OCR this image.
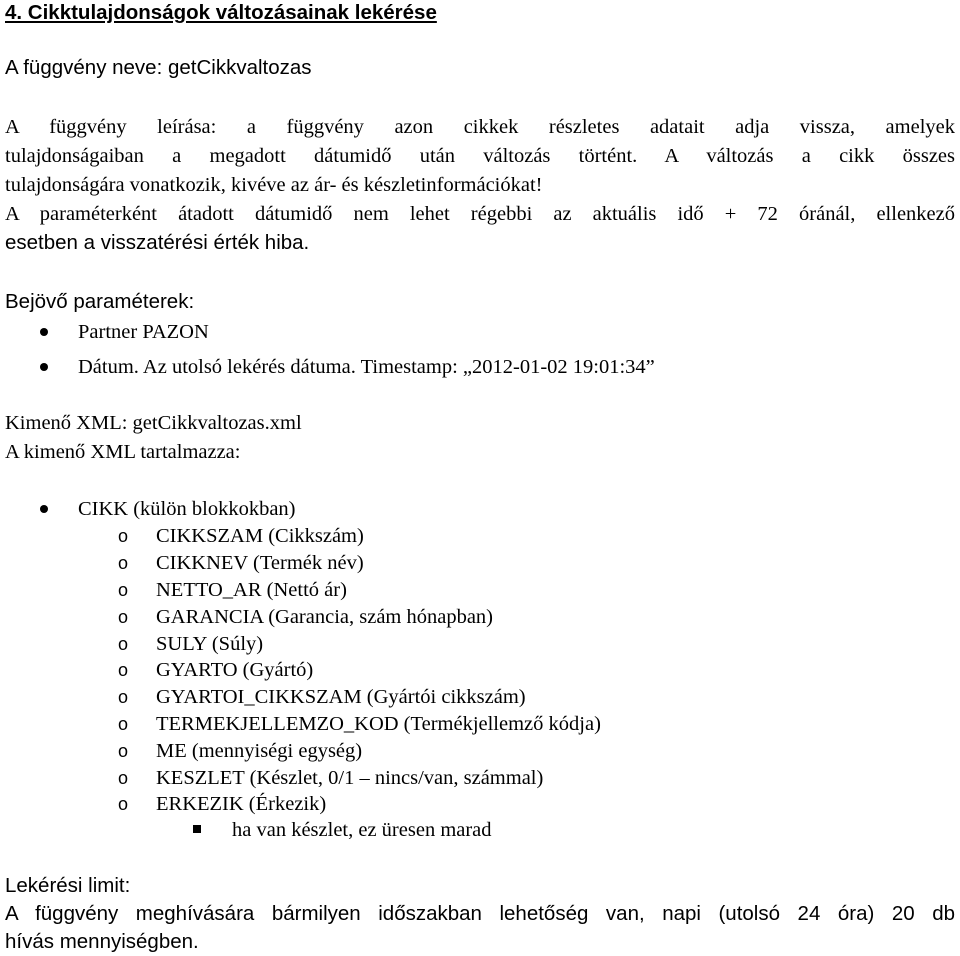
4. Cikktulajdonságok változásainak lekérése
A függvény neve: getCikkvaltozas
A függvény leírása: a függvény azon cikkek részletes adatait adja vissza, amelyek
tulajdonságaiban a megadott dátumidő után változás történt. A változás a cikk összes
tulajdonságára vonatkozik, kivéve az ár- és készletinformációkat!
A paraméterként átadott dátumidő nem lehet régebbi az aktuális idő + 72 óránál, ellenkező
esetben a visszatérési érték hiba.
Bejövő paraméterek:
Partner PAZON
Dátum. Az utolsó lekérés dátuma. Timestamp: „2012-01-02 19:01:34”
Kimenő XML: getCikkvaltozas.xml
A kimenő XML tartalmazza:
CIKK (külön blokkokban)
o CIKKSZAM (Cikkszám)
o CIKKNEV (Termék név)
o NETTO_AR (Nettó ár)
o GARANCIA (Garancia, szám hónapban)
o SULY (Súly)
o GYARTO (Gyártó)
o GYARTOI_CIKKSZAM (Gyártói cikkszám)
o TERMEKJELLEMZO_KOD (Termékjellemző kódja)
o ME (mennyiségi egység)
o KESZLET (Készlet, 0/1 – nincs/van, számmal)
o ERKEZIK (Érkezik)
ha van készlet, ez üresen marad
Lekérési limit:
A függvény meghívására bármilyen időszakban lehetőség van, napi (utolsó 24 óra) 20 db
hívás mennyiségben.
